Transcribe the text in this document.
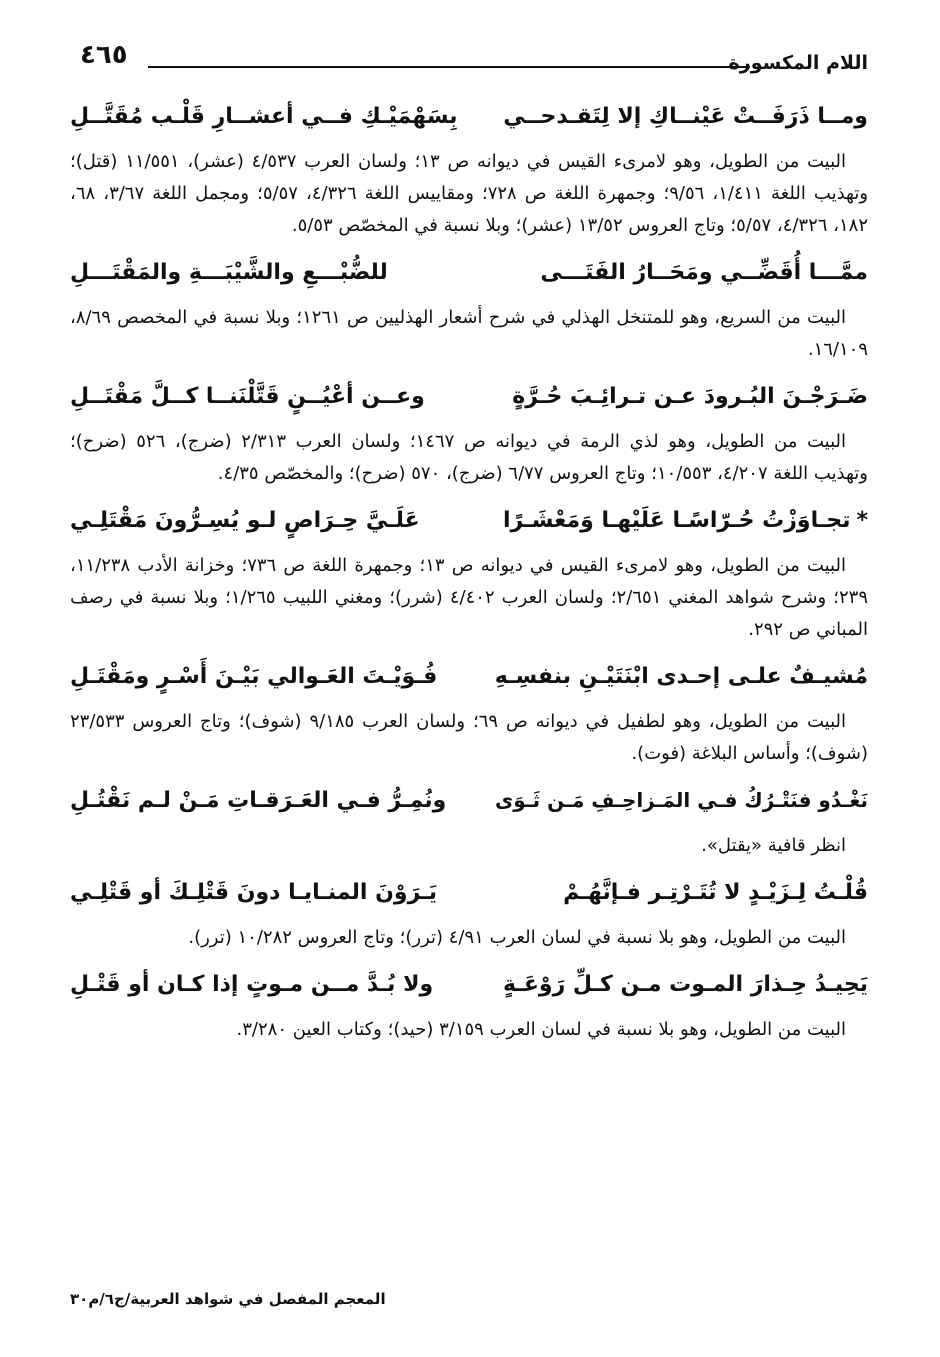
٤٦٥	اللام المكسورة
ومــا ذَرَفَــتْ عَيْنــاكِ إلا لِتَقـدحــي
بِسَهْمَيْـكِ فــي أعشــارِ قَلْـب مُقَتَّــلِ
البيت من الطويل، وهو لامرىء القيس في ديوانه ص ١٣؛ ولسان العرب ٤/٥٣٧ (عشر)، ١١/٥٥١ (قتل)؛ وتهذيب اللغة ١/٤١١، ٩/٥٦؛ وجمهرة اللغة ص ٧٢٨؛ ومقاييس اللغة ٤/٣٢٦، ٥/٥٧؛ ومجمل اللغة ٣/٦٧، ٦٨، ١٨٢، ٤/٣٢٦، ٥/٥٧؛ وتاج العروس ١٣/٥٢ (عشر)؛ وبلا نسبة في المخصّص ٥/٥٣.
ممَّـــا أُقَضِّــي ومَحَــارُ الفَتَـــى
للضُّبْـــعِ والشَّيْبَـــةِ والمَقْتَـــلِ
البيت من السريع، وهو للمتنخل الهذلي في شرح أشعار الهذليين ص ١٢٦١؛ وبلا نسبة في المخصص ٨/٦٩، ١٦/١٠٩.
ضَـرَجْـنَ البُـرودَ عـن تـرائِـبَ حُـرَّةٍ
وعــن أعْيُــنٍ قَتَّلْنَنــا كــلَّ مَقْتَــلِ
البيت من الطويل، وهو لذي الرمة في ديوانه ص ١٤٦٧؛ ولسان العرب ٢/٣١٣ (ضرج)، ٥٢٦ (ضرح)؛ وتهذيب اللغة ٤/٢٠٧، ١٠/٥٥٣؛ وتاج العروس ٦/٧٧ (ضرج)، ٥٧٠ (ضرح)؛ والمخصّص ٤/٣٥.
*تجـاوَزْتُ حُـرّاسًـا عَلَيْهـا وَمَعْشَـرًا
عَلَـيَّ حِـرَاصٍ لـو يُسِـرُّونَ مَقْتَلِـي
البيت من الطويل، وهو لامرىء القيس في ديوانه ص ١٣؛ وجمهرة اللغة ص ٧٣٦؛ وخزانة الأدب ١١/٢٣٨، ٢٣٩؛ وشرح شواهد المغني ٢/٦٥١؛ ولسان العرب ٤/٤٠٢ (شرر)؛ ومغني اللبيب ١/٢٦٥؛ وبلا نسبة في رصف المباني ص ٢٩٢.
مُشيـفٌ علـى إحـدى ابْنَتَيْـنِ بنفسِـهِ
فُـوَيْـتَ العَـوالي بَيْـنَ أَسْـرٍ ومَقْتَـلِ
البيت من الطويل، وهو لطفيل في ديوانه ص ٦٩؛ ولسان العرب ٩/١٨٥ (شوف)؛ وتاج العروس ٢٣/٥٣٣ (شوف)؛ وأساس البلاغة (فوت).
نَغْـدُو فنَتْـرُكُ فـي المَـزاحِـفِ مَـن ثَـوَى
ونُمِـرُّ فـي العَـرَقـاتِ مَـنْ لـم نَقْتُـلِ
انظر قافية «يقتل».
قُلْـتُ لِـزَيْـدٍ لا تُتَـرْتِـر فـإنَّهُـمْ
يَـرَوْنَ المنـايـا دونَ قَتْلِـكَ أو قَتْلِـي
البيت من الطويل، وهو بلا نسبة في لسان العرب ٤/٩١ (ترر)؛ وتاج العروس ١٠/٢٨٢ (ترر).
يَحِيـدُ حِـذارَ المـوت مـن كـلِّ رَوْعَـةٍ
ولا بُـدَّ مــن مـوتٍ إذا كـان أو قَتْـلِ
البيت من الطويل، وهو بلا نسبة في لسان العرب ٣/١٥٩ (حيد)؛ وكتاب العين ٣/٢٨٠.
المعجم المفصل في شواهد العربية/ج٦/م٣٠
